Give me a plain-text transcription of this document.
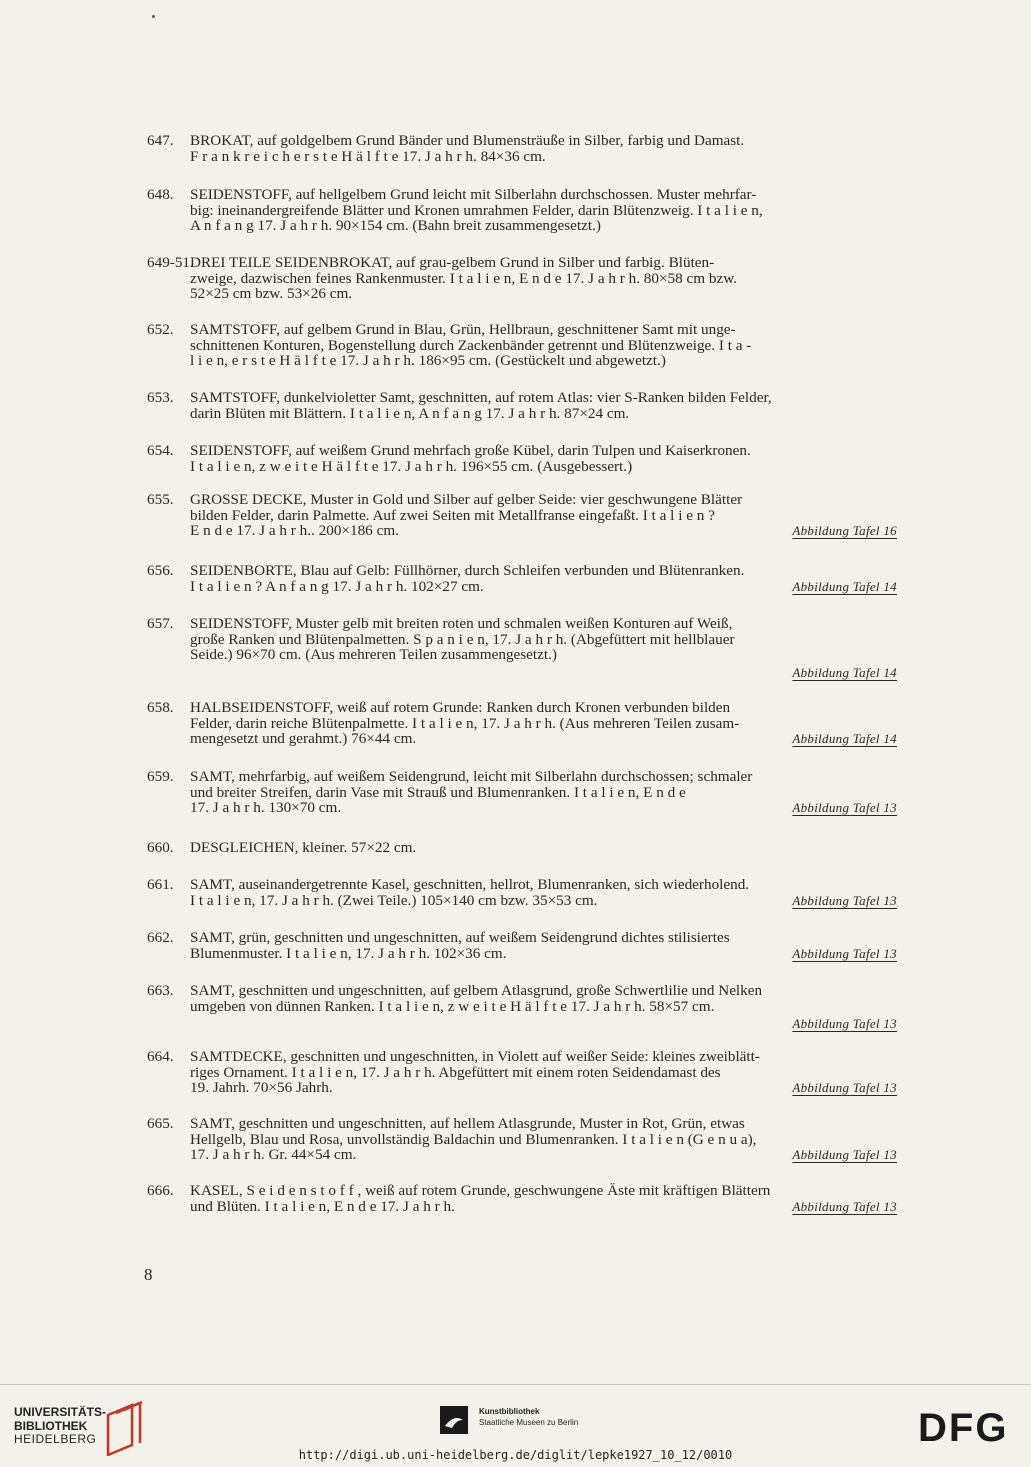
647. BROKAT, auf goldgelbem Grund Bänder und Blumensträuße in Silber, farbig und Damast.
F r a n k r e i c h e r s t e H ä l f t e 17. J a h r h. 84×36 cm.
648. SEIDENSTOFF, auf hellgelbem Grund leicht mit Silberlahn durchschossen. Muster mehrfar-
big: ineinandergreifende Blätter und Kronen umrahmen Felder, darin Blütenzweig. I t a l i e n,
A n f a n g 17. J a h r h. 90×154 cm. (Bahn breit zusammengesetzt.)
649-51.
DREI TEILE SEIDENBROKAT, auf grau-gelbem Grund in Silber und farbig. Blüten-
zweige, dazwischen feines Rankenmuster. I t a l i e n, E n d e 17. J a h r h. 80×58 cm bzw.
52×25 cm bzw. 53×26 cm.
652. SAMTSTOFF, auf gelbem Grund in Blau, Grün, Hellbraun, geschnittener Samt mit unge-
schnittenen Konturen, Bogenstellung durch Zackenbänder getrennt und Blütenzweige. I t a -
l i e n, e r s t e H ä l f t e 17. J a h r h. 186×95 cm. (Gestückelt und abgewetzt.)
653. SAMTSTOFF, dunkelvioletter Samt, geschnitten, auf rotem Atlas: vier S-Ranken bilden Felder,
darin Blüten mit Blättern. I t a l i e n, A n f a n g 17. J a h r h. 87×24 cm.
654. SEIDENSTOFF, auf weißem Grund mehrfach große Kübel, darin Tulpen und Kaiserkronen.
I t a l i e n, z w e i t e H ä l f t e 17. J a h r h. 196×55 cm. (Ausgebessert.)
655. GROSSE DECKE, Muster in Gold und Silber auf gelber Seide: vier geschwungene Blätter
bilden Felder, darin Palmette. Auf zwei Seiten mit Metallfranse eingefaßt. I t a l i e n ?
Abbildung Tafel 16
E n d e 17. J a h r h.. 200×186 cm.
656. SEIDENBORTE, Blau auf Gelb: Füllhörner, durch Schleifen verbunden und Blütenranken.
Abbildung Tafel 14
I t a l i e n ? A n f a n g 17. J a h r h. 102×27 cm.
657. SEIDENSTOFF, Muster gelb mit breiten roten und schmalen weißen Konturen auf Weiß,
große Ranken und Blütenpalmetten. S p a n i e n, 17. J a h r h. (Abgefüttert mit hellblauer
Seide.) 96×70 cm. (Aus mehreren Teilen zusammengesetzt.)
Abbildung Tafel 14
658. HALBSEIDENSTOFF, weiß auf rotem Grunde: Ranken durch Kronen verbunden bilden
Felder, darin reiche Blütenpalmette. I t a l i e n, 17. J a h r h. (Aus mehreren Teilen zusam-
Abbildung Tafel 14
mengesetzt und gerahmt.) 76×44 cm.
659. SAMT, mehrfarbig, auf weißem Seidengrund, leicht mit Silberlahn durchschossen; schmaler
und breiter Streifen, darin Vase mit Strauß und Blumenranken. I t a l i e n, E n d e
Abbildung Tafel 13
17. J a h r h. 130×70 cm.
660. DESGLEICHEN, kleiner. 57×22 cm.
661. SAMT, auseinandergetrennte Kasel, geschnitten, hellrot, Blumenranken, sich wiederholend.
Abbildung Tafel 13
I t a l i e n, 17. J a h r h. (Zwei Teile.) 105×140 cm bzw. 35×53 cm.
662. SAMT, grün, geschnitten und ungeschnitten, auf weißem Seidengrund dichtes stilisiertes
Abbildung Tafel 13
Blumenmuster. I t a l i e n, 17. J a h r h. 102×36 cm.
663. SAMT, geschnitten und ungeschnitten, auf gelbem Atlasgrund, große Schwertlilie und Nelken
umgeben von dünnen Ranken. I t a l i e n, z w e i t e H ä l f t e 17. J a h r h. 58×57 cm.
Abbildung Tafel 13
664. SAMTDECKE, geschnitten und ungeschnitten, in Violett auf weißer Seide: kleines zweiblätt-
riges Ornament. I t a l i e n, 17. J a h r h. Abgefüttert mit einem roten Seidendamast des
Abbildung Tafel 13
19. Jahrh. 70×56 Jahrh.
665. SAMT, geschnitten und ungeschnitten, auf hellem Atlasgrunde, Muster in Rot, Grün, etwas
Hellgelb, Blau und Rosa, unvollständig Baldachin und Blumenranken. I t a l i e n (G e n u a),
Abbildung Tafel 13
17. J a h r h. Gr. 44×54 cm.
666. KASEL, S e i d e n s t o f f , weiß auf rotem Grunde, geschwungene Äste mit kräftigen Blättern
Abbildung Tafel 13
und Blüten. I t a l i e n, E n d e 17. J a h r h.
8
UNIVERSITÄTS-
BIBLIOTHEK
HEIDELBERG
Kunstbibliothek
Staatliche Museen zu Berlin	DFG
http://digi.ub.uni-heidelberg.de/diglit/lepke1927_10_12/0010
